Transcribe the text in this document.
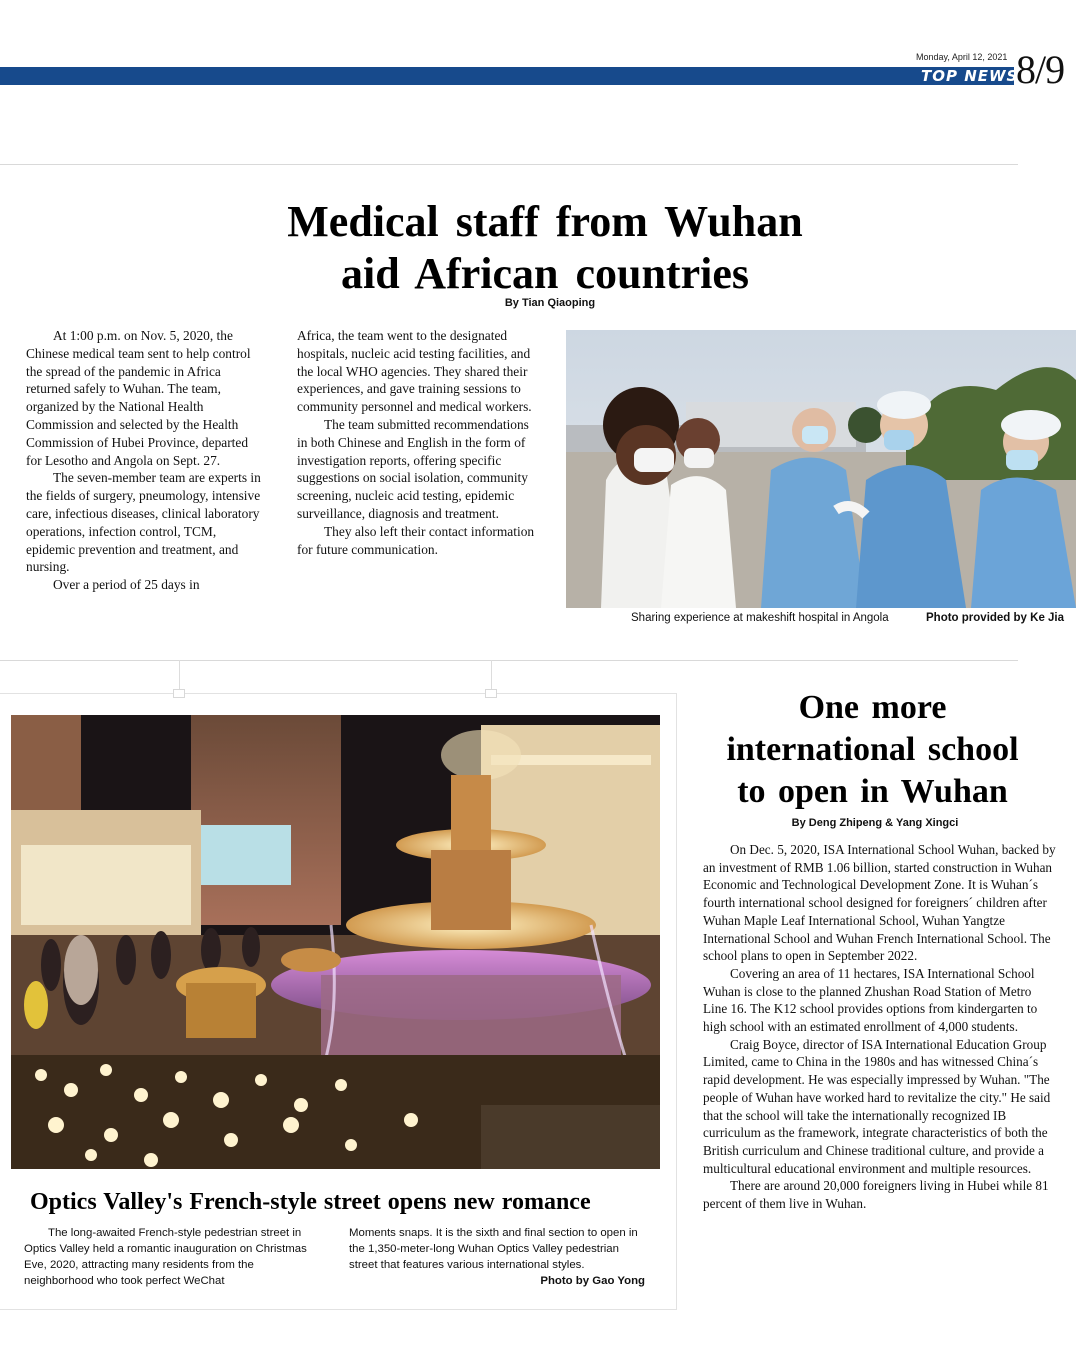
Monday, April 12, 2021
TOP NEWS
8/9
Medical staff from Wuhan
aid African countries
By Tian Qiaoping

At 1:00 p.m. on Nov. 5, 2020, the Chinese medical team sent to help control the spread of the pandemic in Africa returned safely to Wuhan. The team, organized by the National Health Commission and selected by the Health Commission of Hubei Province, departed for Lesotho and Angola on Sept. 27.

The seven-member team are experts in the fields of surgery, pneumology, intensive care, infectious diseases, clinical laboratory operations, infection control, TCM, epidemic prevention and treatment, and nursing.

Over a period of 25 days in

Africa, the team went to the designated hospitals, nucleic acid testing facilities, and the local WHO agencies. They shared their experiences, and gave training sessions to community personnel and medical workers.

The team submitted recommendations in both Chinese and English in the form of investigation reports, offering specific suggestions on social isolation, community screening, nucleic acid testing, epidemic surveillance, diagnosis and treatment.

They also left their contact information for future communication.

Sharing experience at makeshift hospital in Angola	Photo provided by Ke Jia
Optics Valley's French-style street opens new romance

The long-awaited French-style pedestrian street in Optics Valley held a romantic inauguration on Christmas Eve, 2020, attracting many residents from the neighborhood who took perfect WeChat

Moments snaps. It is the sixth and final section to open in the 1,350-meter-long Wuhan Optics Valley pedestrian street that features various international styles.
Photo by Gao Yong
One more
international school
to open in Wuhan
By Deng Zhipeng & Yang Xingci

On Dec. 5, 2020, ISA International School Wuhan, backed by an investment of RMB 1.06 billion, started construction in Wuhan Economic and Technological Development Zone. It is Wuhan´s fourth international school designed for foreigners´ children after Wuhan Maple Leaf International School, Wuhan Yangtze International School and Wuhan French International School. The school plans to open in September 2022.

Covering an area of 11 hectares, ISA International School Wuhan is close to the planned Zhushan Road Station of Metro Line 16. The K12 school provides options from kindergarten to high school with an estimated enrollment of 4,000 students.

Craig Boyce, director of ISA International Education Group Limited, came to China in the 1980s and has witnessed China´s rapid development. He was especially impressed by Wuhan. "The people of Wuhan have worked hard to revitalize the city." He said that the school will take the internationally recognized IB curriculum as the framework, integrate characteristics of both the British curriculum and Chinese traditional culture, and provide a multicultural educational environment and multiple resources.

There are around 20,000 foreigners living in Hubei while 81 percent of them live in Wuhan.
